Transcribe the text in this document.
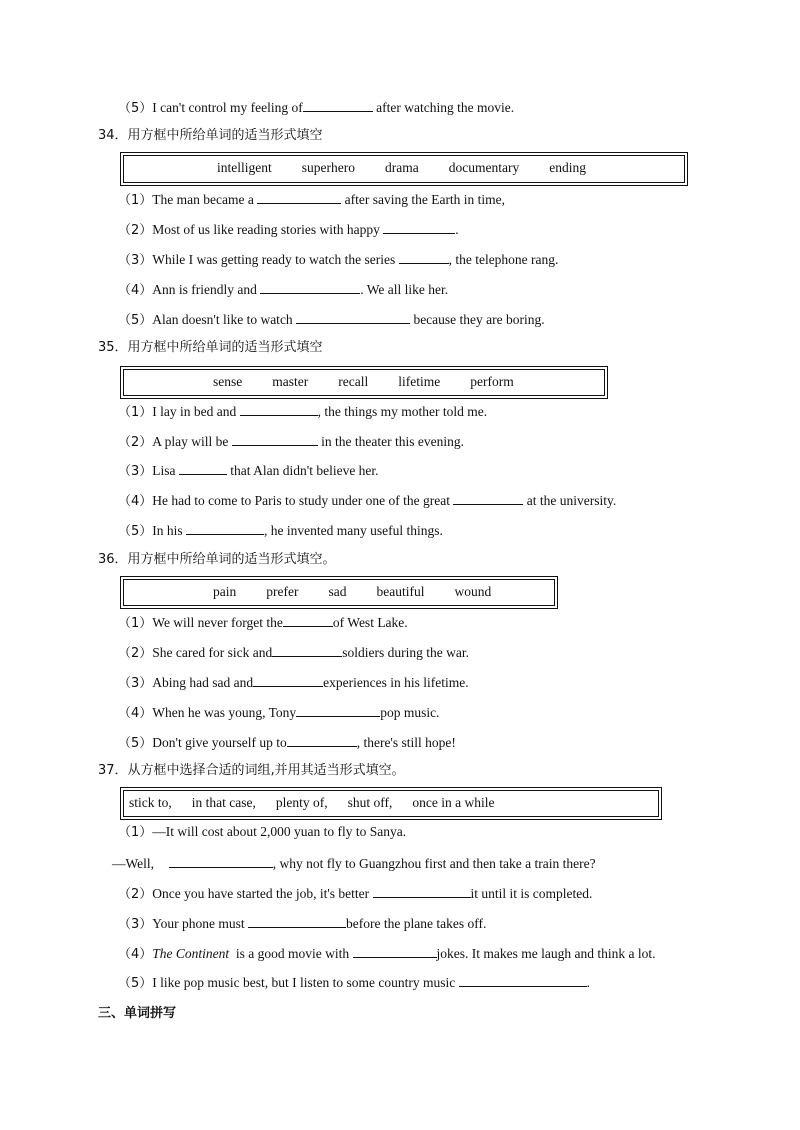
（5）I can't control my feeling of	after watching the movie.
34．用方框中所给单词的适当形式填空
intelligent superhero drama documentary ending
（1）The man became a	after saving the Earth in time,
（2）Most of us like reading stories with happy	.
（3）While I was getting ready to watch the series	, the telephone rang.
（4）Ann is friendly and	. We all like her.
（5）Alan doesn't like to watch	because they are boring.
35．用方框中所给单词的适当形式填空
sense master recall lifetime perform
（1）I lay in bed and	, the things my mother told me.
（2）A play will be	in the theater this evening.
（3）Lisa	that Alan didn't believe her.
（4）He had to come to Paris to study under one of the great	at the university.
（5）In his	, he invented many useful things.
36．用方框中所给单词的适当形式填空。
pain prefer sad beautiful wound
（1）We will never forget the	of West Lake.
（2）She cared for sick and	soldiers during the war.
（3）Abing had sad and	experiences in his lifetime.
（4）When he was young, Tony	pop music.
（5）Don't give yourself up to	, there's still hope!
37．从方框中选择合适的词组,并用其适当形式填空。
stick to, in that case, plenty of, shut off, once in a while
（1）—It will cost about 2,000 yuan to fly to Sanya.
—Well,	, why not fly to Guangzhou first and then take a train there?
（2）Once you have started the job, it's better	it until it is completed.
（3）Your phone must	before the plane takes off.
（4）The Continent  is a good movie with	jokes. It makes me laugh and think a lot.
（5）I like pop music best, but I listen to some country music	.
三、单词拼写
